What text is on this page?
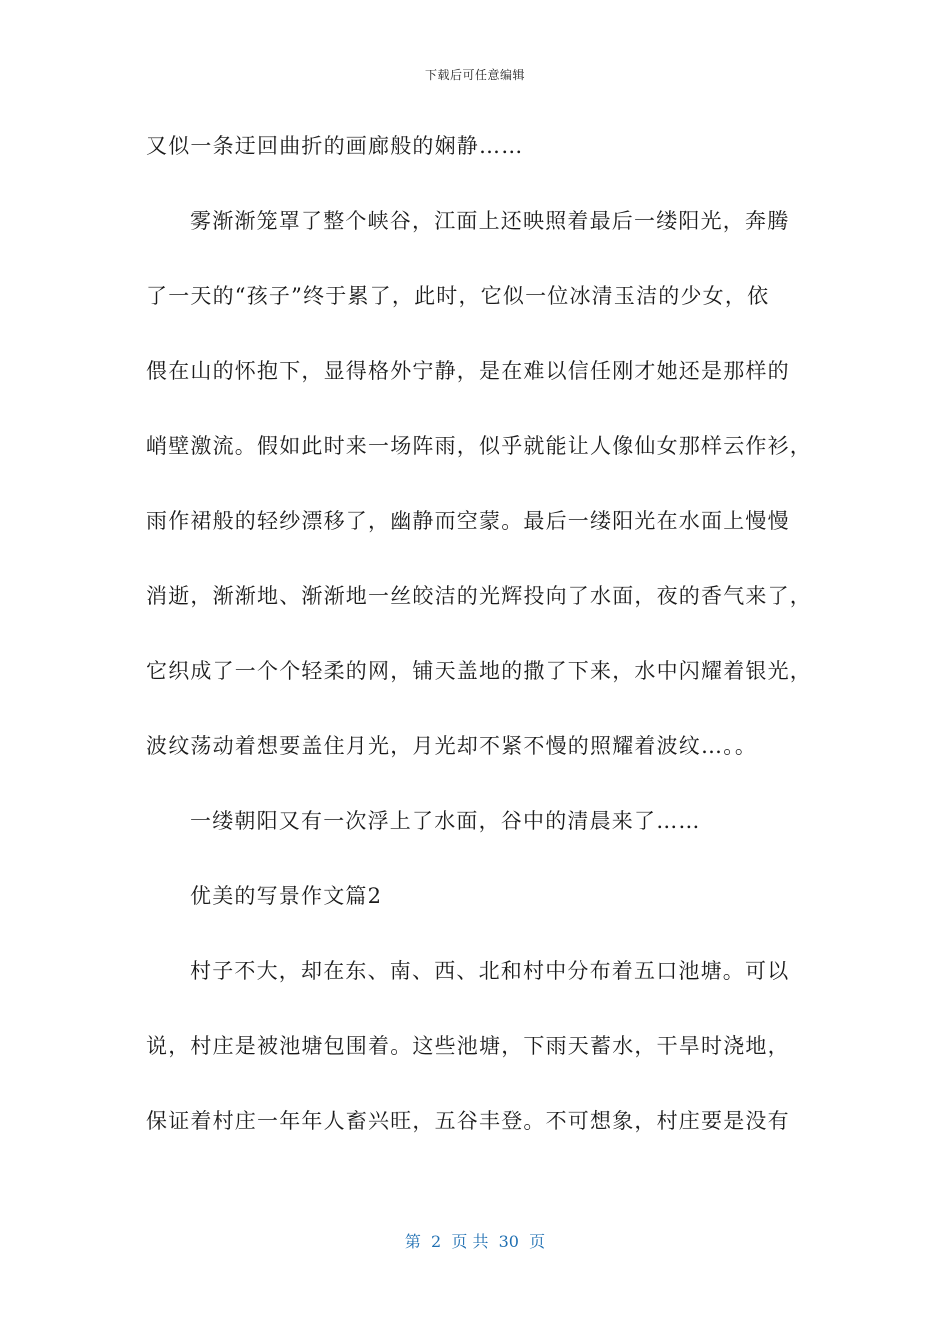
下载后可任意编辑
又似一条迂回曲折的画廊般的娴静……
雾渐渐笼罩了整个峡谷，江面上还映照着最后一缕阳光，奔腾
了一天的“孩子”终于累了，此时，它似一位冰清玉洁的少女，依
偎在山的怀抱下，显得格外宁静，是在难以信任刚才她还是那样的
峭壁激流。假如此时来一场阵雨，似乎就能让人像仙女那样云作衫，
雨作裙般的轻纱漂移了，幽静而空蒙。最后一缕阳光在水面上慢慢
消逝，渐渐地、渐渐地一丝皎洁的光辉投向了水面，夜的香气来了，
它织成了一个个轻柔的网，铺天盖地的撒了下来，水中闪耀着银光，
波纹荡动着想要盖住月光，月光却不紧不慢的照耀着波纹…。。
一缕朝阳又有一次浮上了水面，谷中的清晨来了……
优美的写景作文篇2
村子不大，却在东、南、西、北和村中分布着五口池塘。可以
说，村庄是被池塘包围着。这些池塘，下雨天蓄水，干旱时浇地，
保证着村庄一年年人畜兴旺，五谷丰登。不可想象，村庄要是没有
第  2  页 共  30  页
